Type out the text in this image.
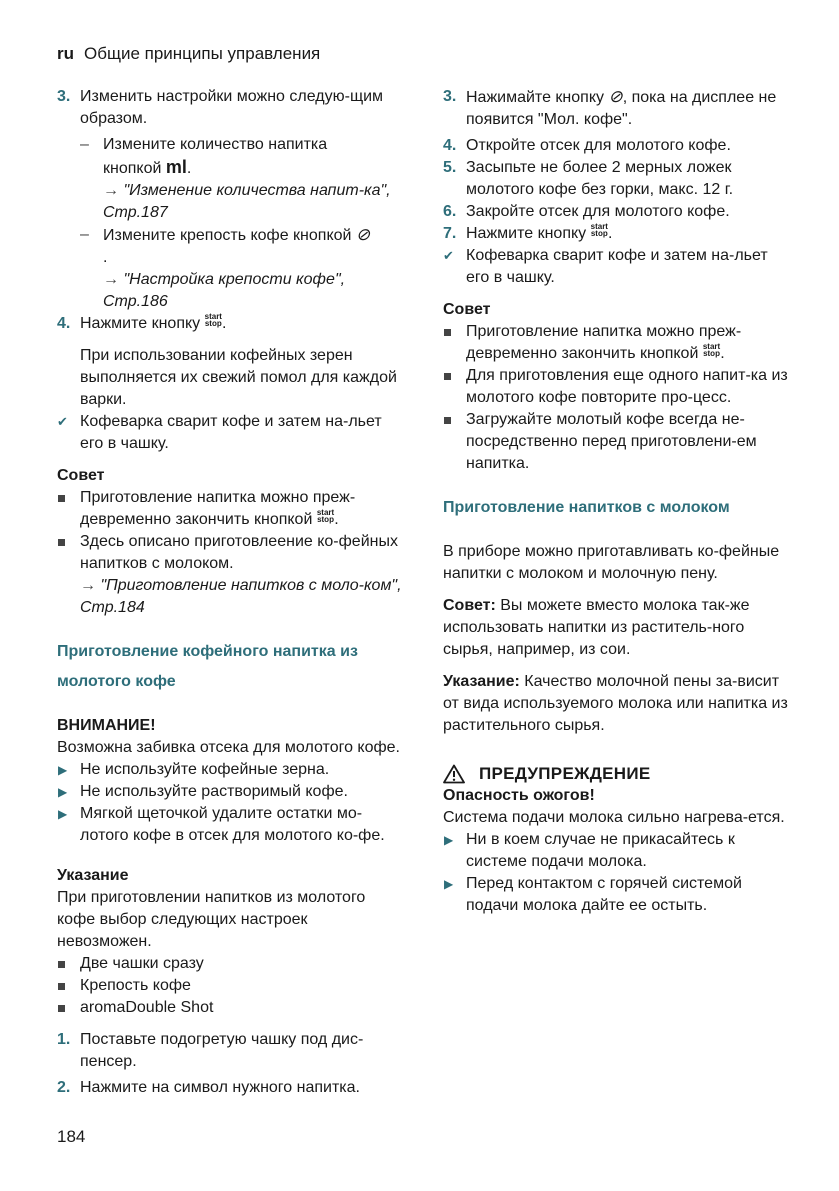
ru Общие принципы управления
3. Изменить настройки можно следую-щим образом.
– Измените количество напитка
кнопкой ml.
→ "Изменение количества напит-ка", Стр.187
– Измените крепость кофе кнопкой ⊘
.
→ "Настройка крепости кофе", Стр.186
4. Нажмите кнопку start
stop .
При использовании кофейных зерен выполняется их свежий помол для каждой варки.
✔ Кофеварка сварит кофе и затем на-льет его в чашку.
Совет
Приготовление напитка можно преж-девременно закончить кнопкой start
stop .
Здесь описано приготовлеение ко-фейных напитков с молоком.
→ "Приготовление напитков с моло-ком", Стр.184
Приготовление кофейного напитка из молотого кофе
ВНИМАНИЕ!
Возможна забивка отсека для молотого кофе.
▶ Не используйте кофейные зерна.
▶ Не используйте растворимый кофе.
▶ Мягкой щеточкой удалите остатки мо-лотого кофе в отсек для молотого ко-фе.
Указание
При приготовлении напитков из молотого кофе выбор следующих настроек невозможен.
Две чашки сразу
Крепость кофе
aromaDouble Shot
1. Поставьте подогретую чашку под дис-пенсер.
2. Нажмите на символ нужного напитка.
3. Нажимайте кнопку ⊘, пока на дисплее не появится "Мол. кофе".
4. Откройте отсек для молотого кофе.
5. Засыпьте не более 2 мерных ложек молотого кофе без горки, макс. 12 г.
6. Закройте отсек для молотого кофе.
7. Нажмите кнопку start
stop .
✔ Кофеварка сварит кофе и затем на-льет его в чашку.
Совет
Приготовление напитка можно преж-девременно закончить кнопкой start
stop .
Для приготовления еще одного напит-ка из молотого кофе повторите про-цесс.
Загружайте молотый кофе всегда не-посредственно перед приготовлени-ем напитка.
Приготовление напитков с молоком
В приборе можно приготавливать ко-фейные напитки с молоком и молочную пену.
Совет: Вы можете вместо молока так-же использовать напитки из раститель-ного сырья, например, из сои.
Указание: Качество молочной пены за-висит от вида используемого молока или напитка из растительного сырья.
ПРЕДУПРЕЖДЕНИЕ
Опасность ожогов!
Система подачи молока сильно нагрева-ется.
▶ Ни в коем случае не прикасайтесь к системе подачи молока.
▶ Перед контактом с горячей системой подачи молока дайте ее остыть.
184
